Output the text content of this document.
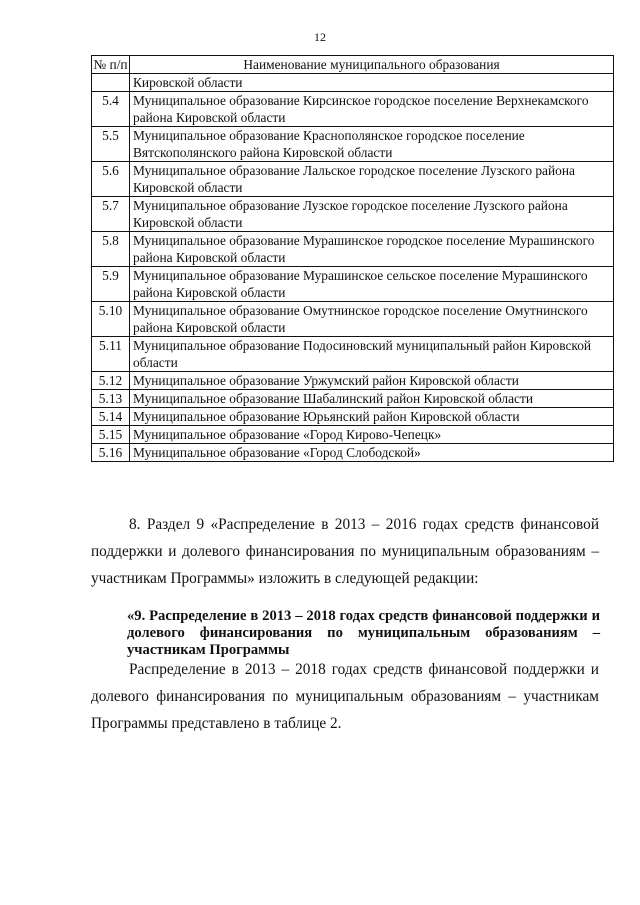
12
№ п/п	Наименование муниципального образования
	Кировской области
5.4	Муниципальное образование Кирсинское городское поселение Верхнекамского района Кировской области
5.5	Муниципальное образование Краснополянское городское поселение Вятскополянского района Кировской области
5.6	Муниципальное образование Лальское городское поселение Лузского района Кировской области
5.7	Муниципальное образование Лузское городское поселение Лузского района Кировской области
5.8	Муниципальное образование Мурашинское городское поселение Мурашинского района Кировской области
5.9	Муниципальное образование Мурашинское сельское поселение Мурашинского района Кировской области
5.10	Муниципальное образование Омутнинское городское поселение Омутнинского района Кировской области
5.11	Муниципальное образование Подосиновский муниципальный район Кировской области
5.12	Муниципальное образование Уржумский район Кировской области
5.13	Муниципальное образование Шабалинский район Кировской области
5.14	Муниципальное образование Юрьянский район Кировской области
5.15	Муниципальное образование «Город Кирово-Чепецк»
5.16	Муниципальное образование «Город Слободской»
8. Раздел 9 «Распределение в 2013 – 2016 годах средств финансовой поддержки и долевого финансирования по муниципальным образованиям – участникам Программы» изложить в следующей редакции:
«9. Распределение в 2013 – 2018 годах средств финансовой поддержки и долевого финансирования по муниципальным образованиям – участникам Программы
Распределение в 2013 – 2018 годах средств финансовой поддержки и долевого финансирования по муниципальным образованиям – участникам Программы представлено в таблице 2.
